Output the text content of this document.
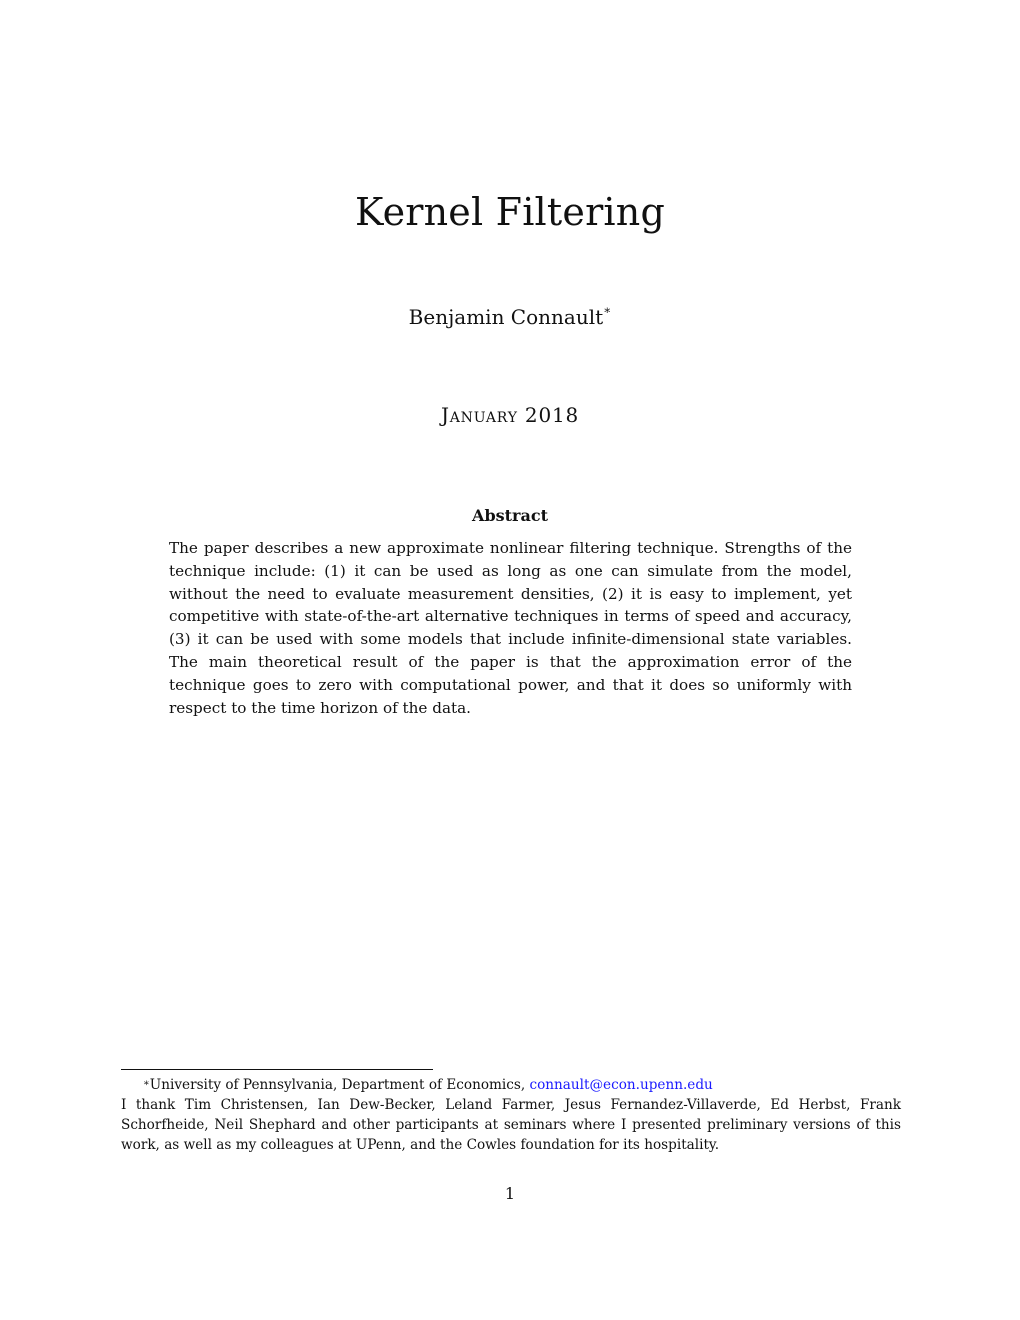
Kernel Filtering
Benjamin Connault∗
January 2018
Abstract

The paper describes a new approximate nonlinear filtering technique. Strengths of the technique include: (1) it can be used as long as one can simulate from the model, without the need to evaluate measurement densities, (2) it is easy to implement, yet competitive with state-of-the-art alternative techniques in terms of speed and accuracy, (3) it can be used with some models that include infinite-dimensional state variables. The main theoretical result of the paper is that the approximation error of the technique goes to zero with computational power, and that it does so uniformly with respect to the time horizon of the data.

∗University of Pennsylvania, Department of Economics, connault@econ.upenn.edu
I thank Tim Christensen, Ian Dew-Becker, Leland Farmer, Jesus Fernandez-Villaverde, Ed Herbst, Frank Schorfheide, Neil Shephard and other participants at seminars where I presented preliminary versions of this work, as well as my colleagues at UPenn, and the Cowles foundation for its hospitality.
1
